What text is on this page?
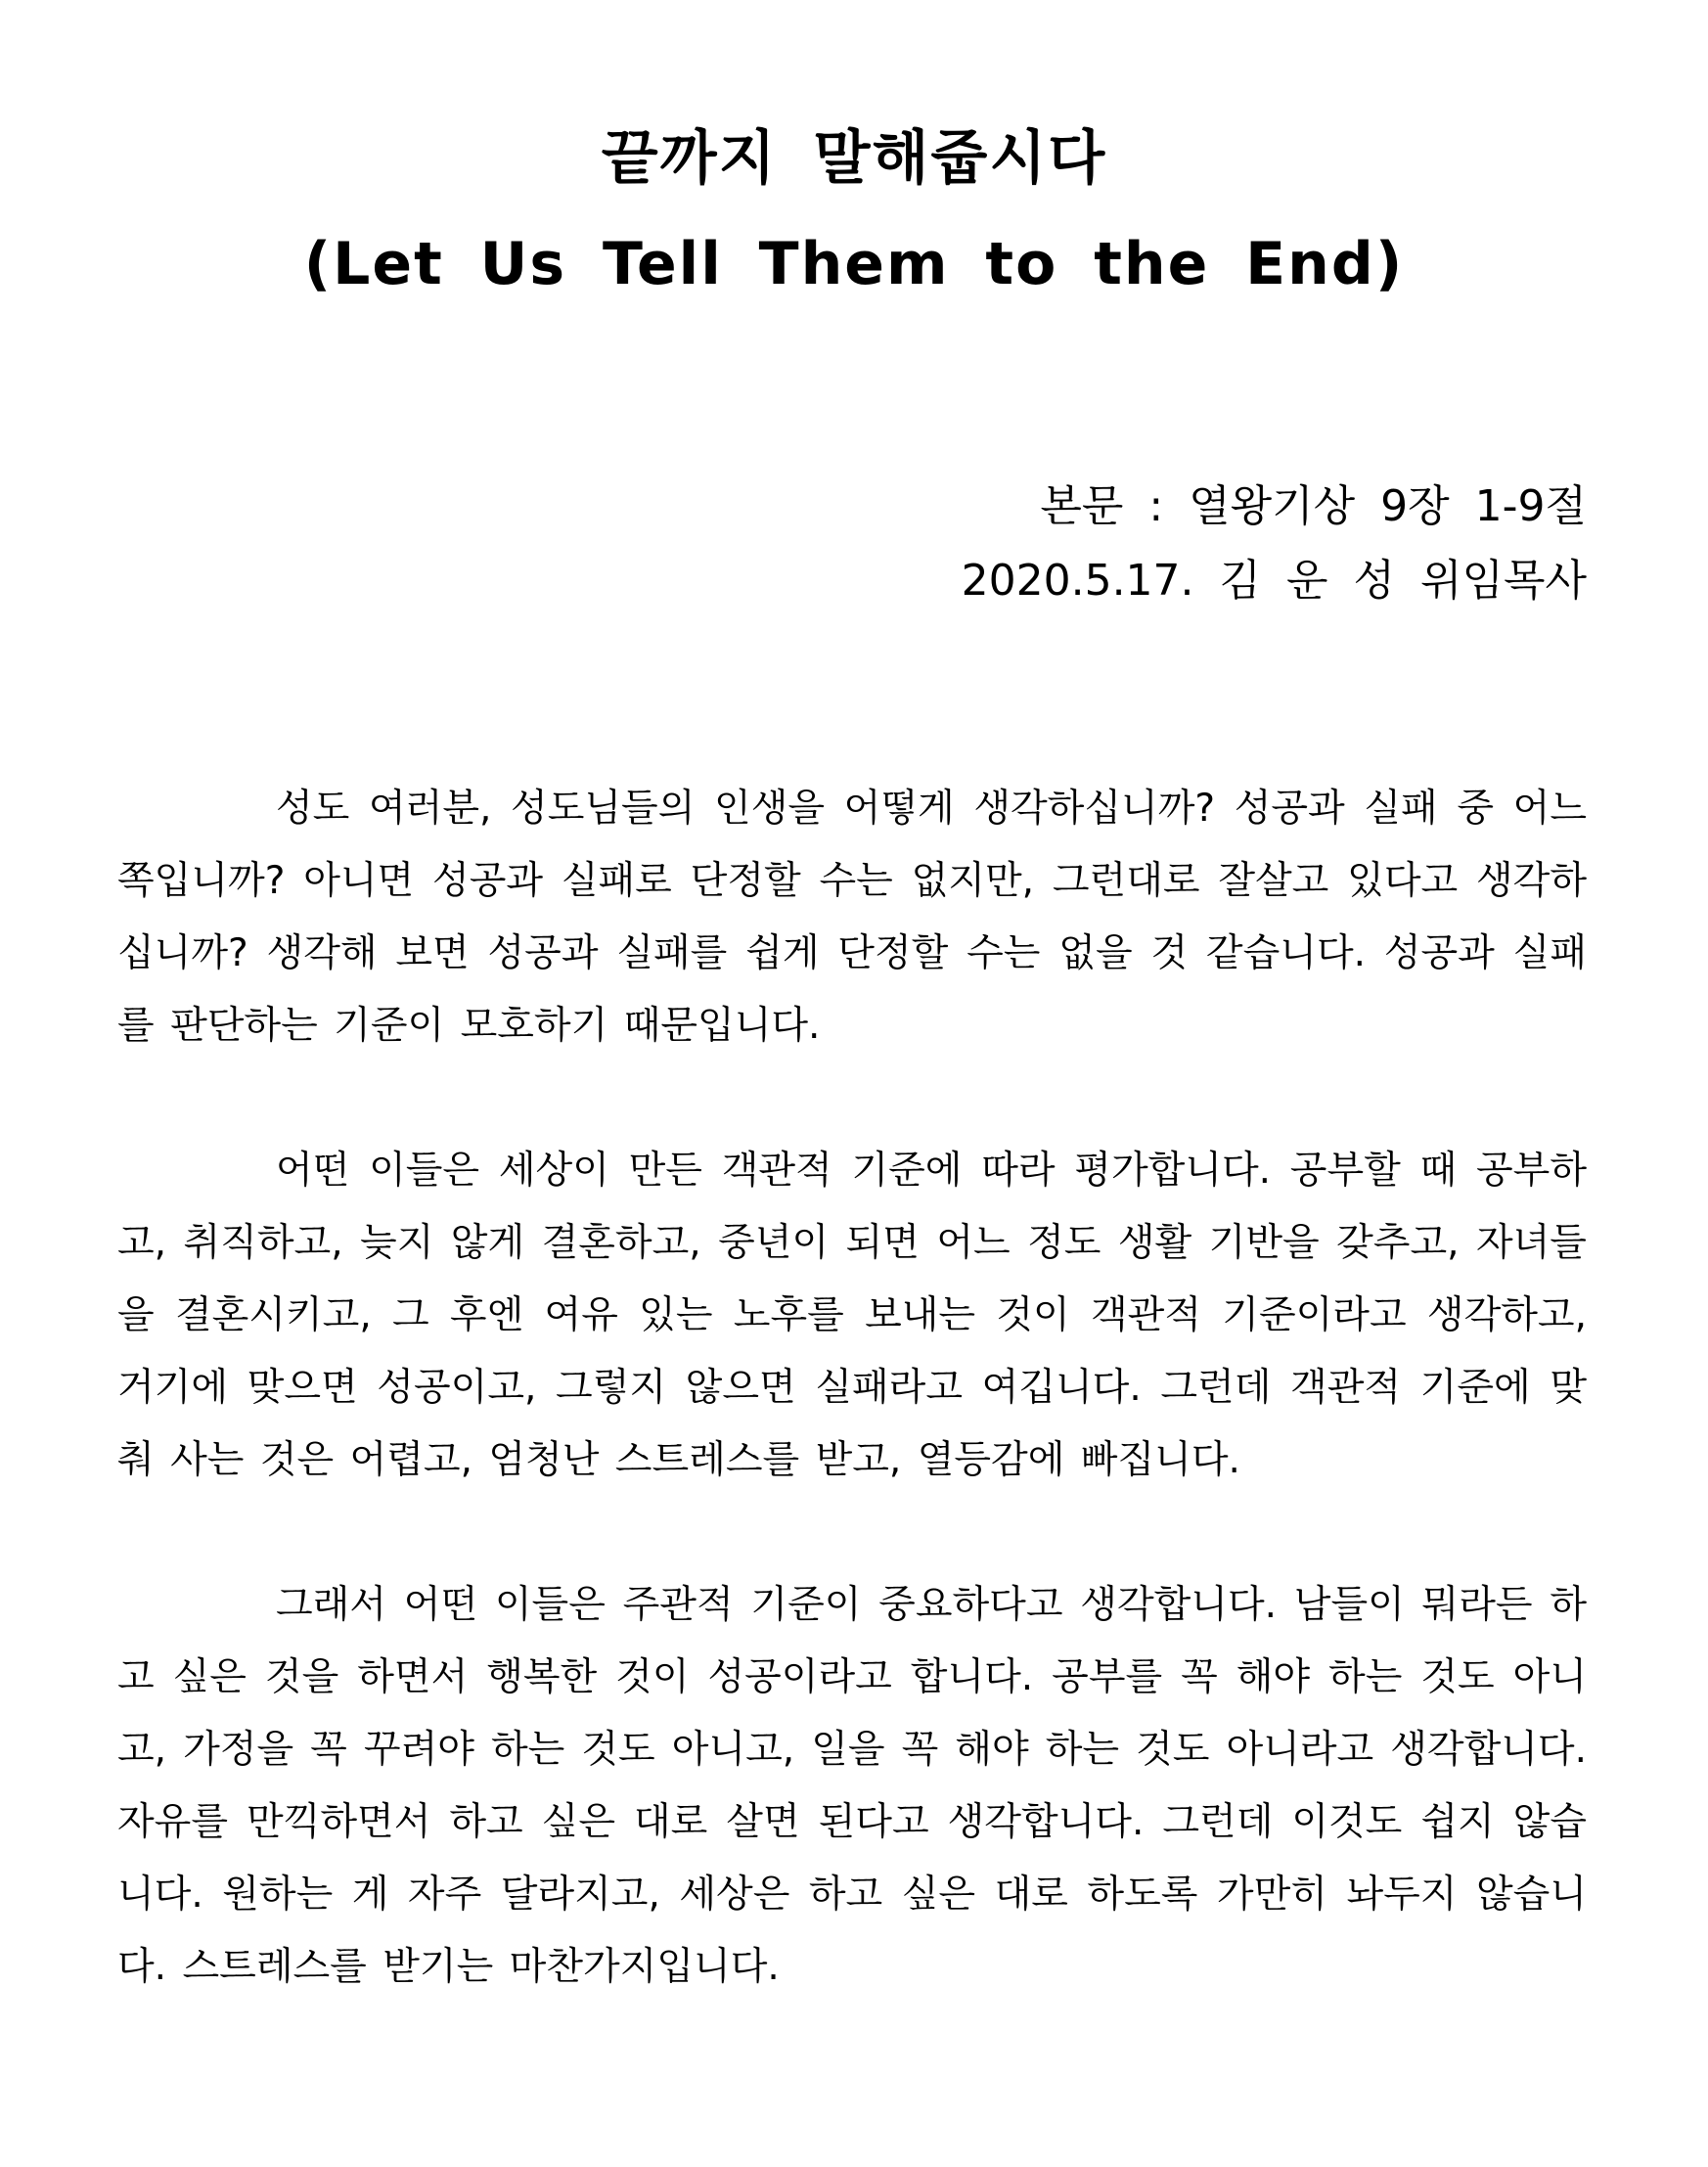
끝까지 말해줍시다
(Let Us Tell Them to the End)
본문 : 열왕기상 9장 1-9절
2020.5.17. 김 운 성 위임목사

성도 여러분, 성도님들의 인생을 어떻게 생각하십니까? 성공과 실패 중 어느 쪽입니까? 아니면 성공과 실패로 단정할 수는 없지만, 그런대로 잘살고 있다고 생각하십니까? 생각해 보면 성공과 실패를 쉽게 단정할 수는 없을 것 같습니다. 성공과 실패를 판단하는 기준이 모호하기 때문입니다.

어떤 이들은 세상이 만든 객관적 기준에 따라 평가합니다. 공부할 때 공부하고, 취직하고, 늦지 않게 결혼하고, 중년이 되면 어느 정도 생활 기반을 갖추고, 자녀들을 결혼시키고, 그 후엔 여유 있는 노후를 보내는 것이 객관적 기준이라고 생각하고, 거기에 맞으면 성공이고, 그렇지 않으면 실패라고 여깁니다. 그런데 객관적 기준에 맞춰 사는 것은 어렵고, 엄청난 스트레스를 받고, 열등감에 빠집니다.

그래서 어떤 이들은 주관적 기준이 중요하다고 생각합니다. 남들이 뭐라든 하고 싶은 것을 하면서 행복한 것이 성공이라고 합니다. 공부를 꼭 해야 하는 것도 아니고, 가정을 꼭 꾸려야 하는 것도 아니고, 일을 꼭 해야 하는 것도 아니라고 생각합니다. 자유를 만끽하면서 하고 싶은 대로 살면 된다고 생각합니다. 그런데 이것도 쉽지 않습니다. 원하는 게 자주 달라지고, 세상은 하고 싶은 대로 하도록 가만히 놔두지 않습니다. 스트레스를 받기는 마찬가지입니다.
